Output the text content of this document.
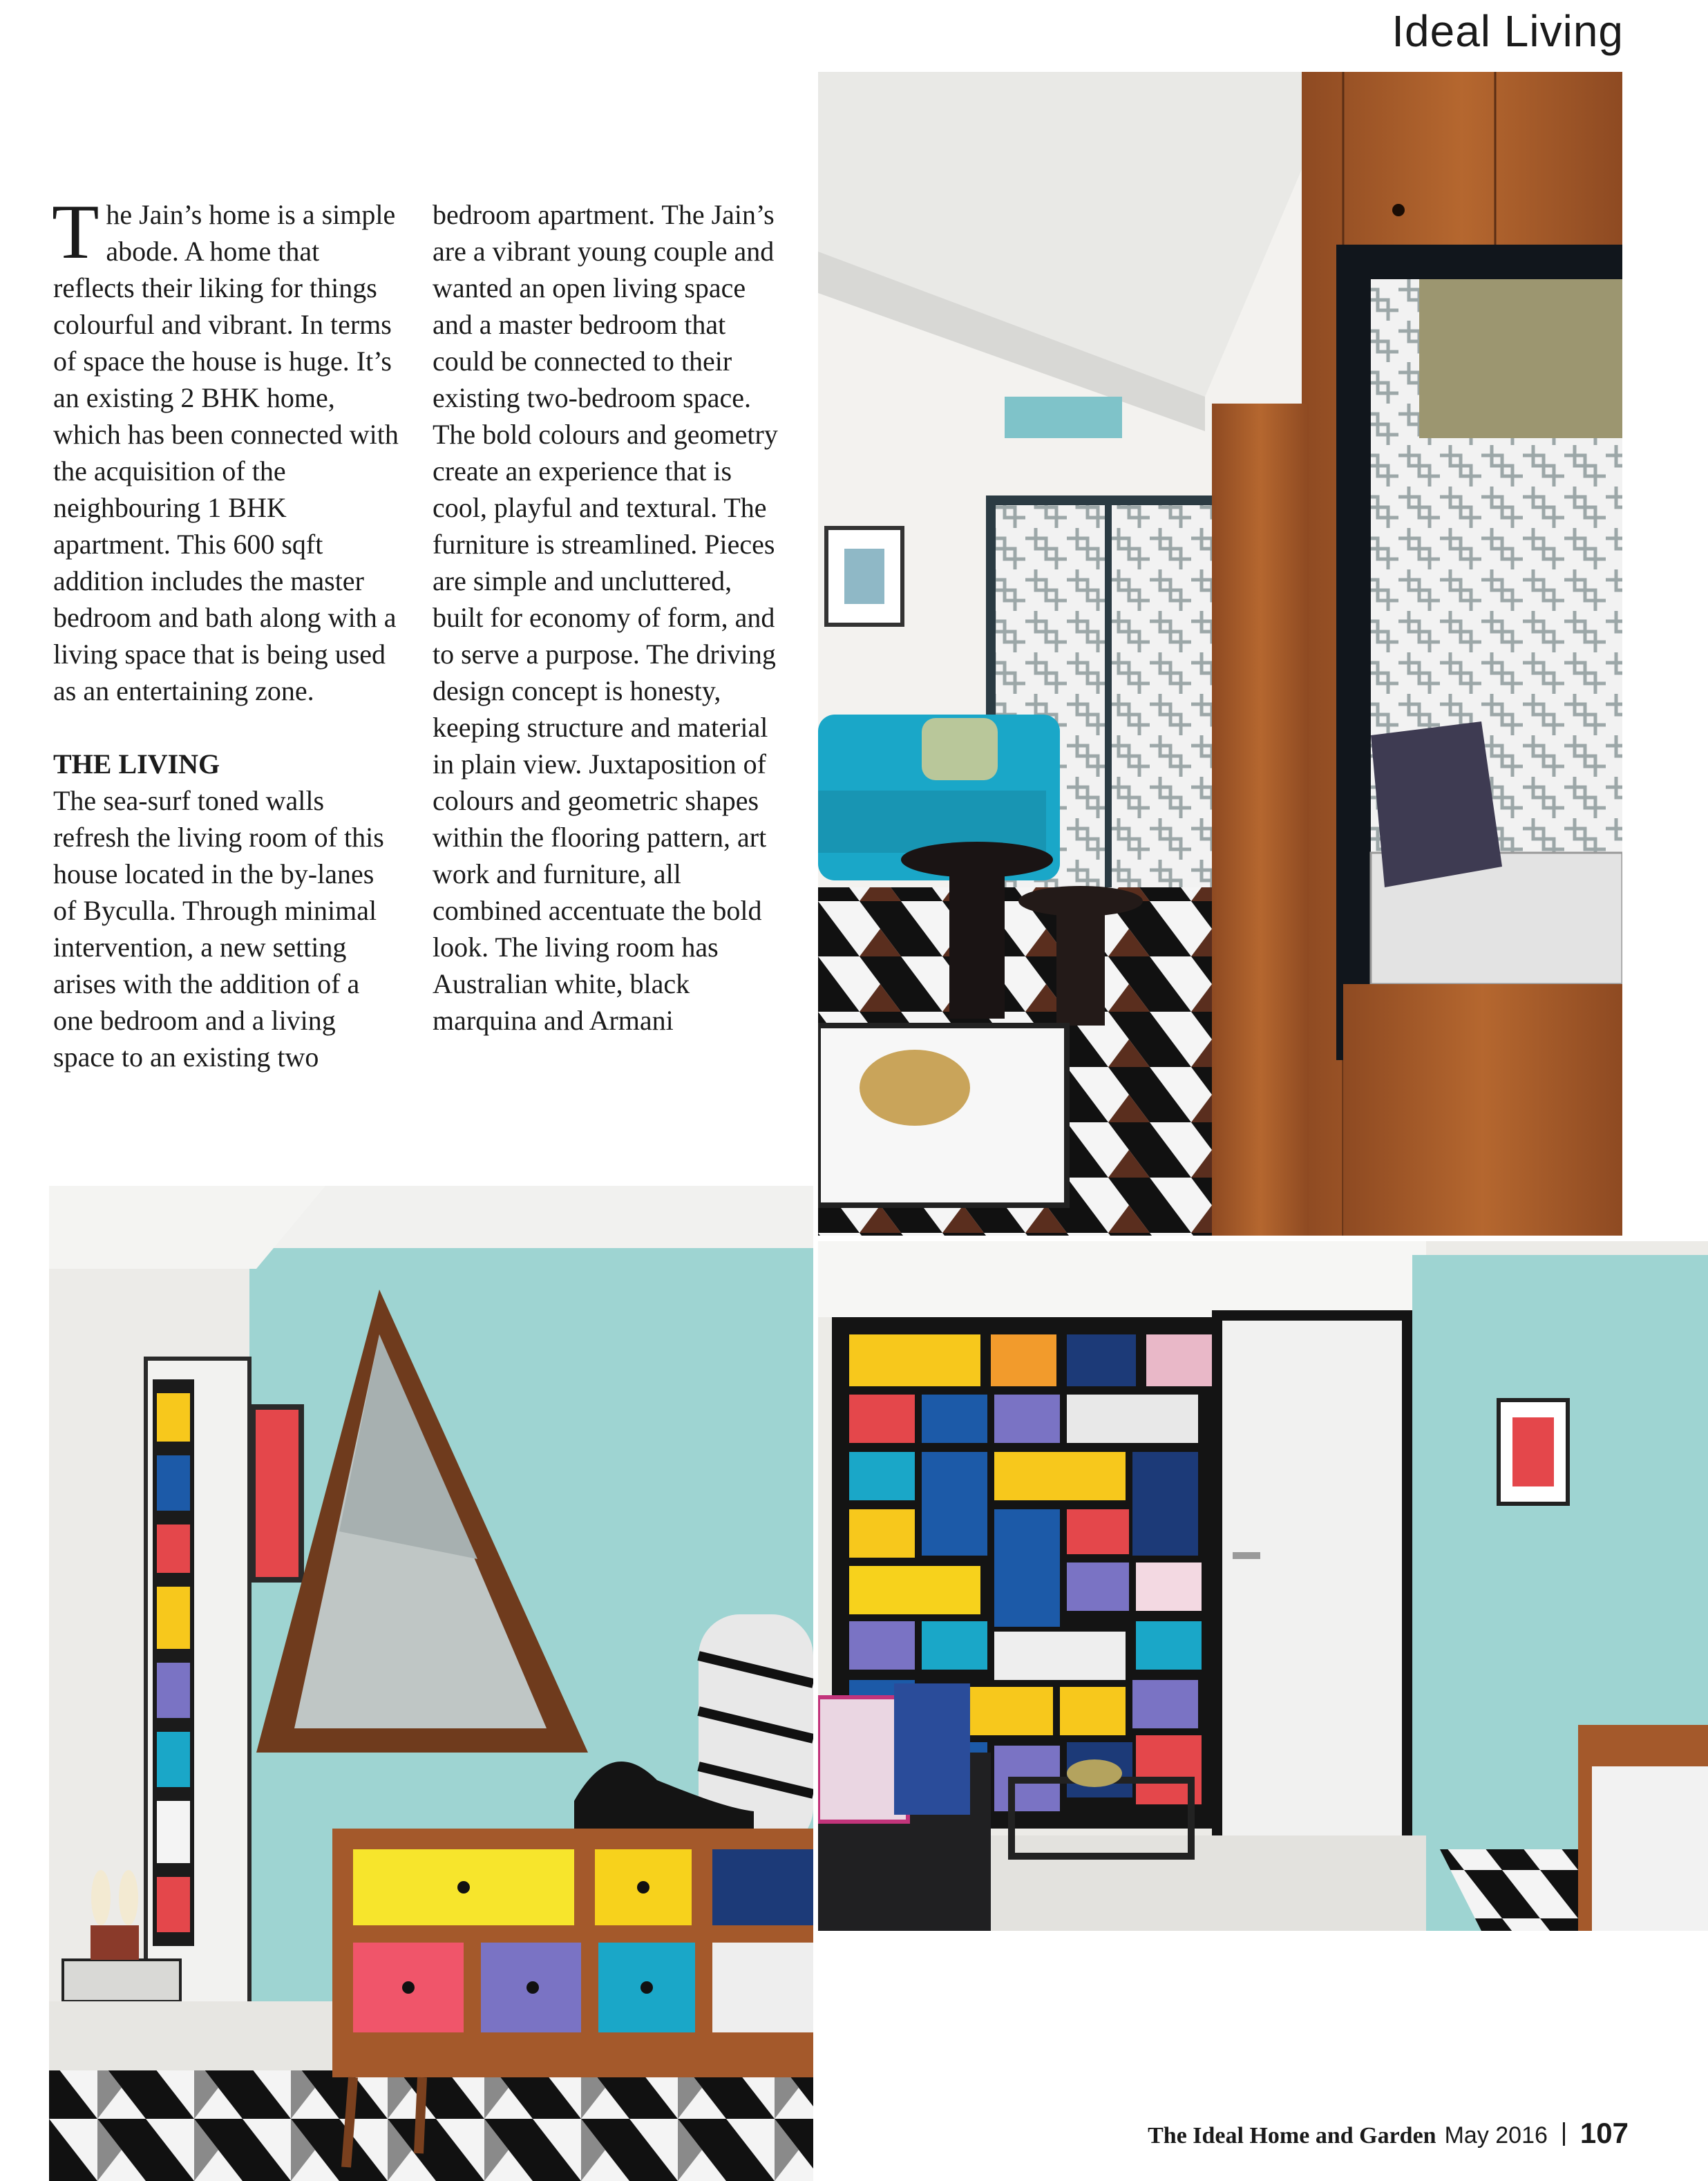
Ideal Living

The Jain’s home is a simple abode. A home that reflects their liking for things colourful and vibrant. In terms of space the house is huge. It’s an existing 2 BHK home, which has been connected with the acquisition of the neighbouring 1 BHK apartment. This 600 sqft addition includes the master bedroom and bath along with a living space that is being used as an entertaining zone.

THE LIVING

The sea-surf toned walls refresh the living room of this house located in the by-lanes of Byculla. Through minimal intervention, a new setting arises with the addition of a one bedroom and a living space to an existing two

bedroom apartment. The Jain’s are a vibrant young couple and wanted an open living space and a master bedroom that could be connected to their existing two-bedroom space. The bold colours and geometry create an experience that is cool, playful and textural. The furniture is streamlined. Pieces are simple and uncluttered, built for economy of form, and to serve a purpose. The driving design concept is honesty, keeping structure and material in plain view. Juxtaposition of colours and geometric shapes within the flooring pattern, art work and furniture, all combined accentuate the bold look. The living room has Australian white, black marquina and Armani

The Ideal Home and Garden May 2016 107
